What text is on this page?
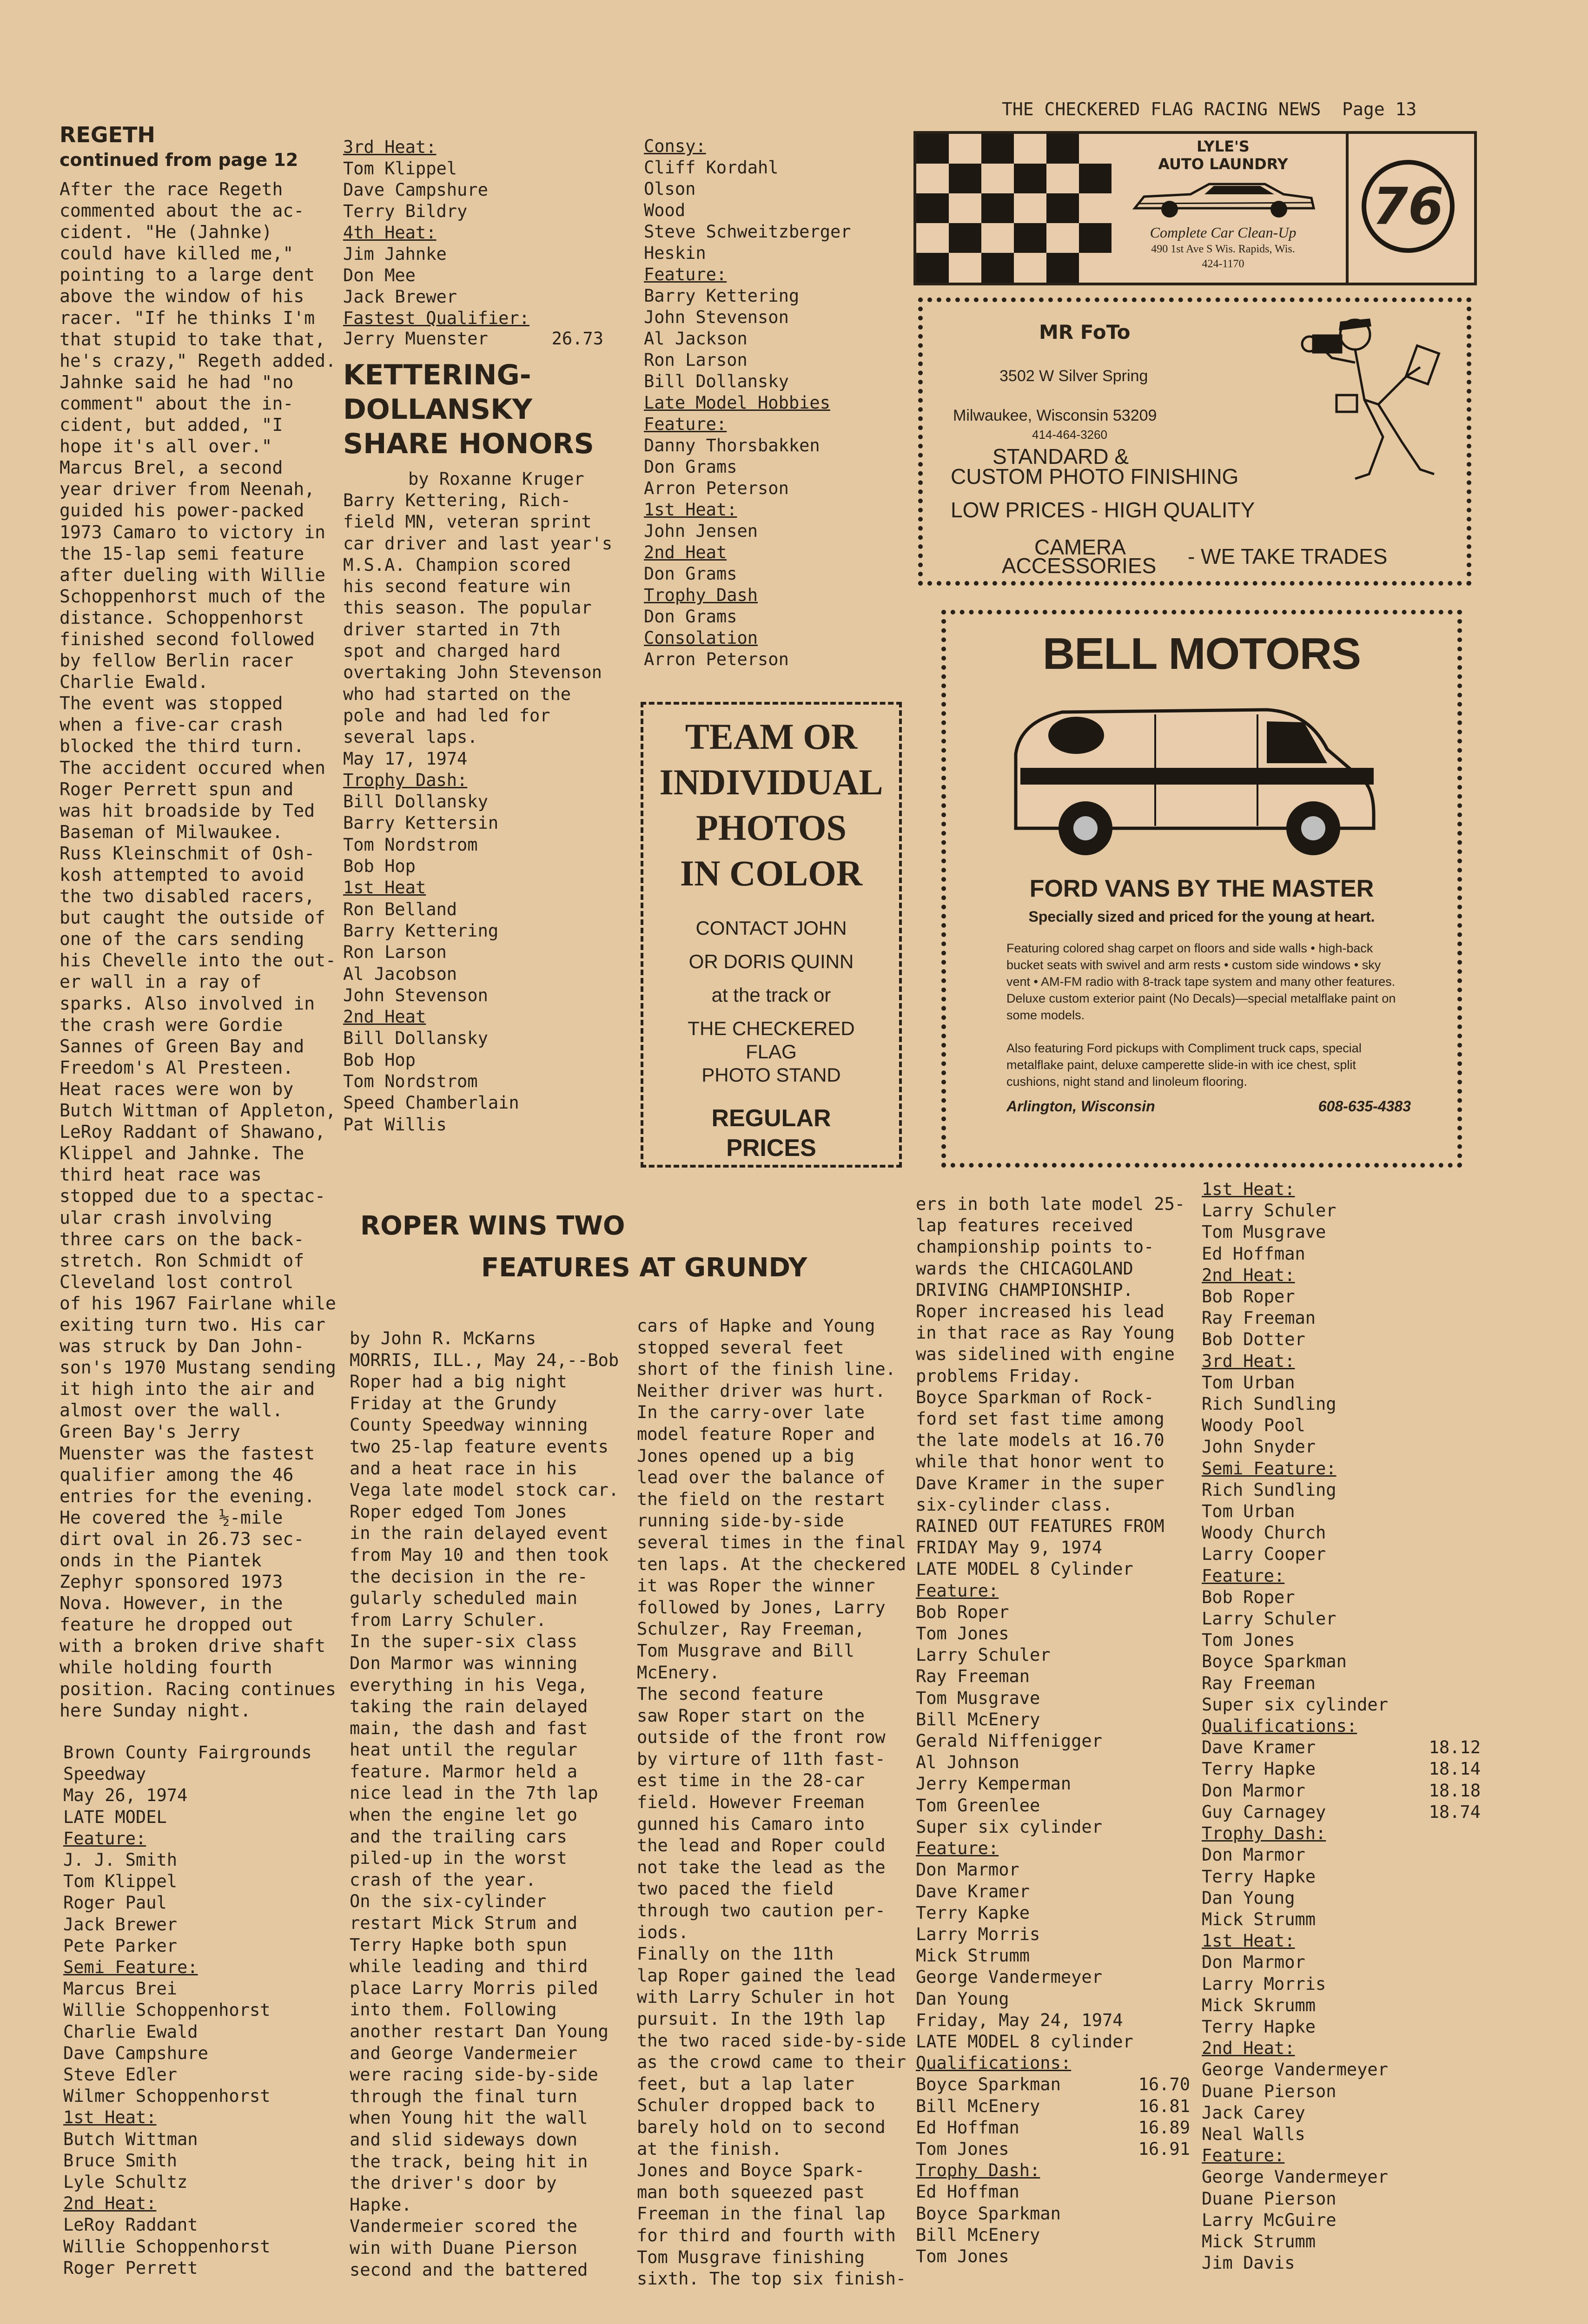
THE CHECKERED FLAG RACING NEWS  Page 13
REGETH
continued from page 12
After the race Regeth
commented about the ac-
cident. "He (Jahnke)
could have killed me,"
pointing to a large dent
above the window of his
racer. "If he thinks I'm
that stupid to take that,
he's crazy," Regeth added.
Jahnke said he had "no
comment" about the in-
cident, but added, "I
hope it's all over."
Marcus Brel, a second
year driver from Neenah,
guided his power-packed
1973 Camaro to victory in
the 15-lap semi feature
after dueling with Willie
Schoppenhorst much of the
distance. Schoppenhorst
finished second followed
by fellow Berlin racer
Charlie Ewald.
The event was stopped
when a five-car crash
blocked the third turn.
The accident occured when
Roger Perrett spun and
was hit broadside by Ted
Baseman of Milwaukee.
Russ Kleinschmit of Osh-
kosh attempted to avoid
the two disabled racers,
but caught the outside of
one of the cars sending
his Chevelle into the out-
er wall in a ray of
sparks. Also involved in
the crash were Gordie
Sannes of Green Bay and
Freedom's Al Presteen.
Heat races were won by
Butch Wittman of Appleton,
LeRoy Raddant of Shawano,
Klippel and Jahnke. The
third heat race was
stopped due to a spectac-
ular crash involving
three cars on the back-
stretch. Ron Schmidt of
Cleveland lost control
of his 1967 Fairlane while
exiting turn two. His car
was struck by Dan John-
son's 1970 Mustang sending
it high into the air and
almost over the wall.
Green Bay's Jerry
Muenster was the fastest
qualifier among the 46
entries for the evening.
He covered the ½-mile
dirt oval in 26.73 sec-
onds in the Piantek
Zephyr sponsored 1973
Nova. However, in the
feature he dropped out
with a broken drive shaft
while holding fourth
position. Racing continues
here Sunday night.
Brown County Fairgrounds
Speedway
May 26, 1974
LATE MODEL
Feature:
J. J. Smith
Tom Klippel
Roger Paul
Jack Brewer
Pete Parker
Semi Feature:
Marcus Brei
Willie Schoppenhorst
Charlie Ewald
Dave Campshure
Steve Edler
Wilmer Schoppenhorst
1st Heat:
Butch Wittman
Bruce Smith
Lyle Schultz
2nd Heat:
LeRoy Raddant
Willie Schoppenhorst
Roger Perrett
3rd Heat:
Tom Klippel
Dave Campshure
Terry Bildry
4th Heat:
Jim Jahnke
Don Mee
Jack Brewer
Fastest Qualifier:
Jerry Muenster	26.73
KETTERING-
DOLLANSKY
SHARE HONORS
by Roxanne Kruger
Barry Kettering, Rich-
field MN, veteran sprint
car driver and last year's
M.S.A. Champion scored
his second feature win
this season. The popular
driver started in 7th
spot and charged hard
overtaking John Stevenson
who had started on the
pole and had led for
several laps.
May 17, 1974
Trophy Dash:
Bill Dollansky
Barry Kettersin
Tom Nordstrom
Bob Hop
1st Heat
Ron Belland
Barry Kettering
Ron Larson
Al Jacobson
John Stevenson
2nd Heat
Bill Dollansky
Bob Hop
Tom Nordstrom
Speed Chamberlain
Pat Willis
Consy:
Cliff Kordahl
Olson
Wood
Steve Schweitzberger
Heskin
Feature:
Barry Kettering
John Stevenson
Al Jackson
Ron Larson
Bill Dollansky
Late Model Hobbies
Feature:
Danny Thorsbakken
Don Grams
Arron Peterson
1st Heat:
John Jensen
2nd Heat
Don Grams
Trophy Dash
Don Grams
Consolation
Arron Peterson
TEAM OR
INDIVIDUAL
PHOTOS
IN COLOR
CONTACT JOHN
OR DORIS QUINN
at the track or
THE CHECKERED
FLAG
PHOTO STAND
REGULAR
PRICES
LYLE'S
AUTO LAUNDRY
Complete Car Clean-Up
490 1st Ave S Wis. Rapids, Wis.
424-1170
76
MR FoTo
3502 W Silver Spring
Milwaukee, Wisconsin 53209
414-464-3260
STANDARD &
CUSTOM PHOTO FINISHING
LOW PRICES - HIGH QUALITY
CAMERA
ACCESSORIES - WE TAKE TRADES
BELL MOTORS
FORD VANS BY THE MASTER
Specially sized and priced for the young at heart.
Featuring colored shag carpet on floors and side walls • high-back bucket seats with swivel and arm rests • custom side windows • sky vent • AM-FM radio with 8-track tape system and many other features. Deluxe custom exterior paint (No Decals)—special metalflake paint on some models.
Also featuring Ford pickups with Compliment truck caps, special metalflake paint, deluxe camperette slide-in with ice chest, split cushions, night stand and linoleum flooring.
Arlington, Wisconsin	608-635-4383
ROPER WINS TWO
FEATURES AT GRUNDY
by John R. McKarns
MORRIS, ILL., May 24,--Bob
Roper had a big night
Friday at the Grundy
County Speedway winning
two 25-lap feature events
and a heat race in his
Vega late model stock car.
Roper edged Tom Jones
in the rain delayed event
from May 10 and then took
the decision in the re-
gularly scheduled main
from Larry Schuler.
In the super-six class
Don Marmor was winning
everything in his Vega,
taking the rain delayed
main, the dash and fast
heat until the regular
feature. Marmor held a
nice lead in the 7th lap
when the engine let go
and the trailing cars
piled-up in the worst
crash of the year.
On the six-cylinder
restart Mick Strum and
Terry Hapke both spun
while leading and third
place Larry Morris piled
into them. Following
another restart Dan Young
and George Vandermeier
were racing side-by-side
through the final turn
when Young hit the wall
and slid sideways down
the track, being hit in
the driver's door by
Hapke.
Vandermeier scored the
win with Duane Pierson
second and the battered
cars of Hapke and Young
stopped several feet
short of the finish line.
Neither driver was hurt.
In the carry-over late
model feature Roper and
Jones opened up a big
lead over the balance of
the field on the restart
running side-by-side
several times in the final
ten laps. At the checkered
it was Roper the winner
followed by Jones, Larry
Schulzer, Ray Freeman,
Tom Musgrave and Bill
McEnery.
The second feature
saw Roper start on the
outside of the front row
by virture of 11th fast-
est time in the 28-car
field. However Freeman
gunned his Camaro into
the lead and Roper could
not take the lead as the
two paced the field
through two caution per-
iods.
Finally on the 11th
lap Roper gained the lead
with Larry Schuler in hot
pursuit. In the 19th lap
the two raced side-by-side
as the crowd came to their
feet, but a lap later
Schuler dropped back to
barely hold on to second
at the finish.
Jones and Boyce Spark-
man both squeezed past
Freeman in the final lap
for third and fourth with
Tom Musgrave finishing
sixth. The top six finish-
ers in both late model 25-
lap features received
championship points to-
wards the CHICAGOLAND
DRIVING CHAMPIONSHIP.
Roper increased his lead
in that race as Ray Young
was sidelined with engine
problems Friday.
Boyce Sparkman of Rock-
ford set fast time among
the late models at 16.70
while that honor went to
Dave Kramer in the super
six-cylinder class.
RAINED OUT FEATURES FROM
FRIDAY May 9, 1974
LATE MODEL 8 Cylinder
Feature:
Bob Roper
Tom Jones
Larry Schuler
Ray Freeman
Tom Musgrave
Bill McEnery
Gerald Niffenigger
Al Johnson
Jerry Kemperman
Tom Greenlee
Super six cylinder
Feature:
Don Marmor
Dave Kramer
Terry Kapke
Larry Morris
Mick Strumm
George Vandermeyer
Dan Young
Friday, May 24, 1974
LATE MODEL 8 cylinder
Qualifications:
Boyce Sparkman	16.70
Bill McEnery	16.81
Ed Hoffman	16.89
Tom Jones	16.91
Trophy Dash:
Ed Hoffman
Boyce Sparkman
Bill McEnery
Tom Jones
1st Heat:
Larry Schuler
Tom Musgrave
Ed Hoffman
2nd Heat:
Bob Roper
Ray Freeman
Bob Dotter
3rd Heat:
Tom Urban
Rich Sundling
Woody Pool
John Snyder
Semi Feature:
Rich Sundling
Tom Urban
Woody Church
Larry Cooper
Feature:
Bob Roper
Larry Schuler
Tom Jones
Boyce Sparkman
Ray Freeman
Super six cylinder
Qualifications:
Dave Kramer	18.12
Terry Hapke	18.14
Don Marmor	18.18
Guy Carnagey	18.74
Trophy Dash:
Don Marmor
Terry Hapke
Dan Young
Mick Strumm
1st Heat:
Don Marmor
Larry Morris
Mick Skrumm
Terry Hapke
2nd Heat:
George Vandermeyer
Duane Pierson
Jack Carey
Neal Walls
Feature:
George Vandermeyer
Duane Pierson
Larry McGuire
Mick Strumm
Jim Davis
